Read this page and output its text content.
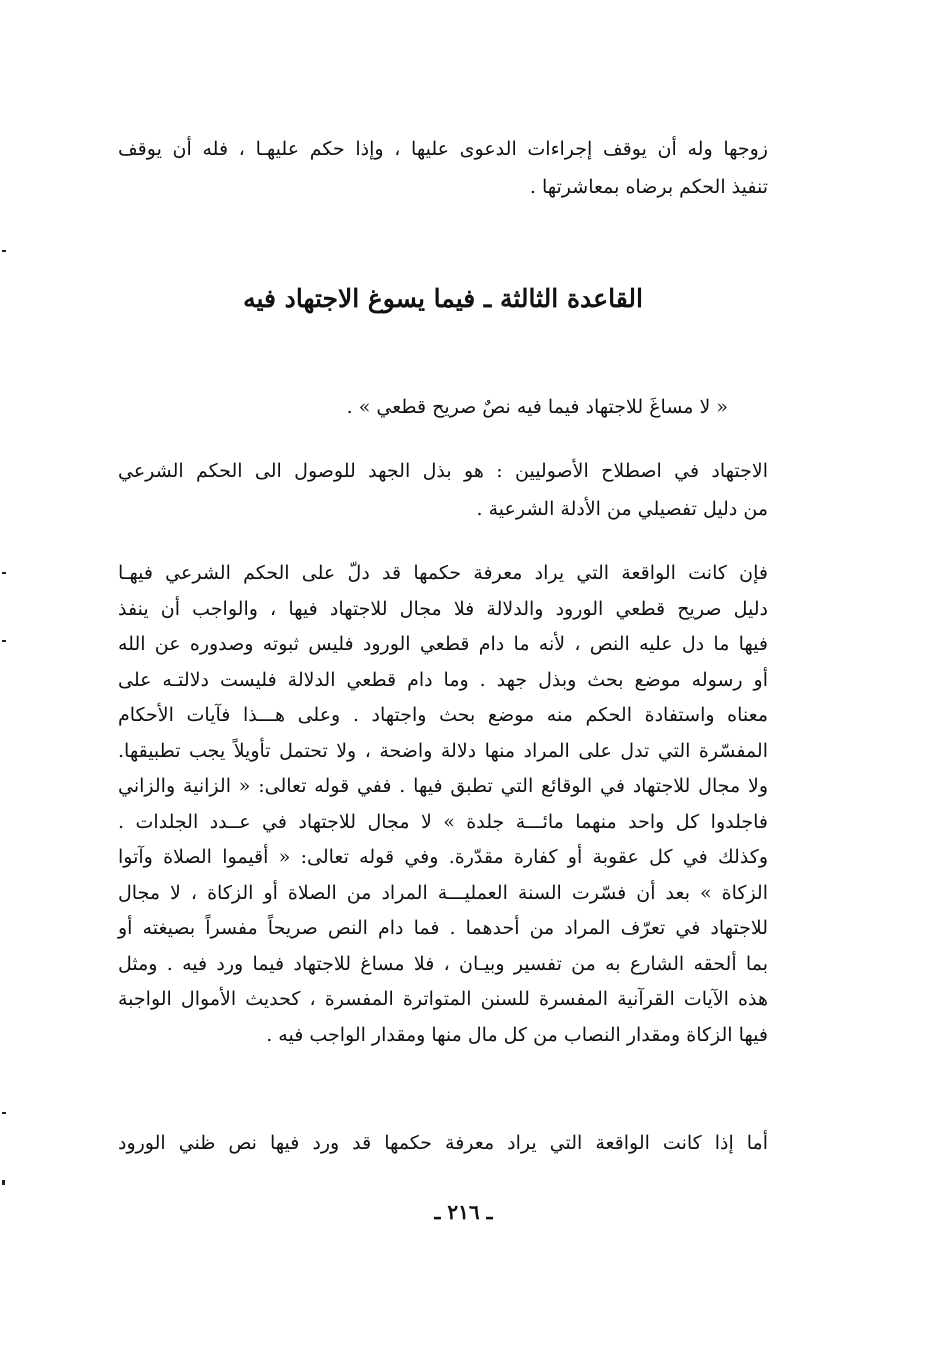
زوجها وله أن يوقف إجراءات الدعوى عليها ، وإذا حكم عليهـا ، فله أن يوقف
تنفيذ الحكم برضاه بمعاشرتها .
القاعدة الثالثة ـ فيما يسوغ الاجتهاد فيه
« لا مساغَ للاجتهاد فيما فيه نصٌ صريح قطعي » .
الاجتهاد في اصطلاح الأصوليين : هو بذل الجهد للوصول الى الحكم الشرعي
من دليل تفصيلي من الأدلة الشرعية .
فإن كانت الواقعة التي يراد معرفة حكمها قد دلّ على الحكم الشرعي فيهـا
دليل صريح قطعي الورود والدلالة فلا مجال للاجتهاد فيها ، والواجب أن ينفذ
فيها ما دل عليه النص ، لأنه ما دام قطعي الورود فليس ثبوته وصدوره عن الله
أو رسوله موضع بحث وبذل جهد . وما دام قطعي الدلالة فليست دلالتـه على
معناه واستفادة الحكم منه موضع بحث واجتهاد . وعلى هـــذا فآيات الأحكام
المفسّرة التي تدل على المراد منها دلالة واضحة ، ولا تحتمل تأويلاً يجب تطبيقها.
ولا مجال للاجتهاد في الوقائع التي تطبق فيها . ففي قوله تعالى: « الزانية والزاني
فاجلدوا كل واحد منهما مائـــة جلدة » لا مجال للاجتهاد في عــدد الجلدات .
وكذلك في كل عقوبة أو كفارة مقدّرة. وفي قوله تعالى: « أقيموا الصلاة وآتوا
الزكاة » بعد أن فسّرت السنة العمليـــة المراد من الصلاة أو الزكاة ، لا مجال
للاجتهاد في تعرّف المراد من أحدهما . فما دام النص صريحاً مفسراً بصيغته أو
بما ألحقه الشارع به من تفسير وبيـان ، فلا مساغ للاجتهاد فيما ورد فيه . ومثل
هذه الآيات القرآنية المفسرة للسنن المتواترة المفسرة ، كحديث الأموال الواجبة
فيها الزكاة ومقدار النصاب من كل مال منها ومقدار الواجب فيه .
أما إذا كانت الواقعة التي يراد معرفة حكمها قد ورد فيها نص ظني الورود
ـ ٢١٦ ـ
